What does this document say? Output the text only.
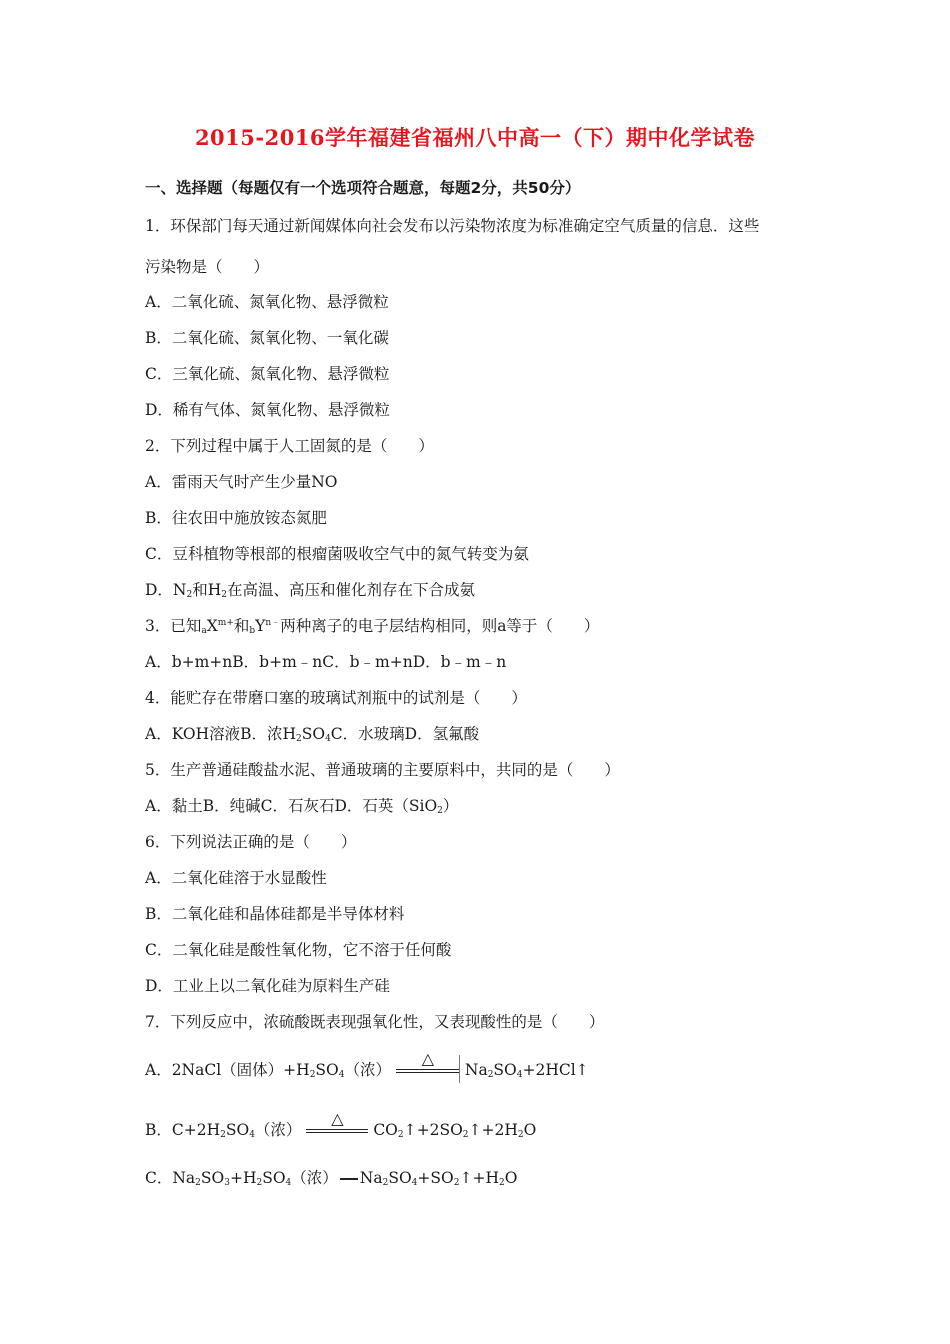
2015-2016学年福建省福州八中高一（下）期中化学试卷
一、选择题（每题仅有一个选项符合题意，每题2分，共50分）
1．环保部门每天通过新闻媒体向社会发布以污染物浓度为标准确定空气质量的信息．这些
污染物是（　　）
A．二氧化硫、氮氧化物、悬浮微粒
B．二氧化硫、氮氧化物、一氧化碳
C．三氧化硫、氮氧化物、悬浮微粒
D．稀有气体、氮氧化物、悬浮微粒
2．下列过程中属于人工固氮的是（　　）
A．雷雨天气时产生少量NO
B．往农田中施放铵态氮肥
C．豆科植物等根部的根瘤菌吸收空气中的氮气转变为氨
D．$N_2$和$H_2$在高温、高压和催化剂存在下合成氨
3．已知$_aX^{m+}$和$_bY^{n﹣}$两种离子的电子层结构相同，则a等于（　　）
A．b+m+nB．b+m﹣nC．b﹣m+nD．b﹣m﹣n
4．能贮存在带磨口塞的玻璃试剂瓶中的试剂是（　　）
A．KOH溶液B．浓$H_2SO_4C$．水玻璃D．氢氟酸
5．生产普通硅酸盐水泥、普通玻璃的主要原料中，共同的是（　　）
A．黏土B．纯碱C．石灰石D．石英（SiO$_2$）
6．下列说法正确的是（　　）
A．二氧化硅溶于水显酸性
B．二氧化硅和晶体硅都是半导体材料
C．二氧化硅是酸性氧化物，它不溶于任何酸
D．工业上以二氧化硅为原料生产硅
7．下列反应中，浓硫酸既表现强氧化性，又表现酸性的是（　　）
A．2NaCl（固体）$+H_2SO_4$（浓）
△
$Na_2SO_4+2HCl↑$
B．$C+2H_2SO_4$（浓）
△
$CO_2↑+2SO_2↑+2H_2O$
C．$Na_2SO_3+H_2SO_4$（浓） $Na_2SO_4+SO_2↑+H_2O$
